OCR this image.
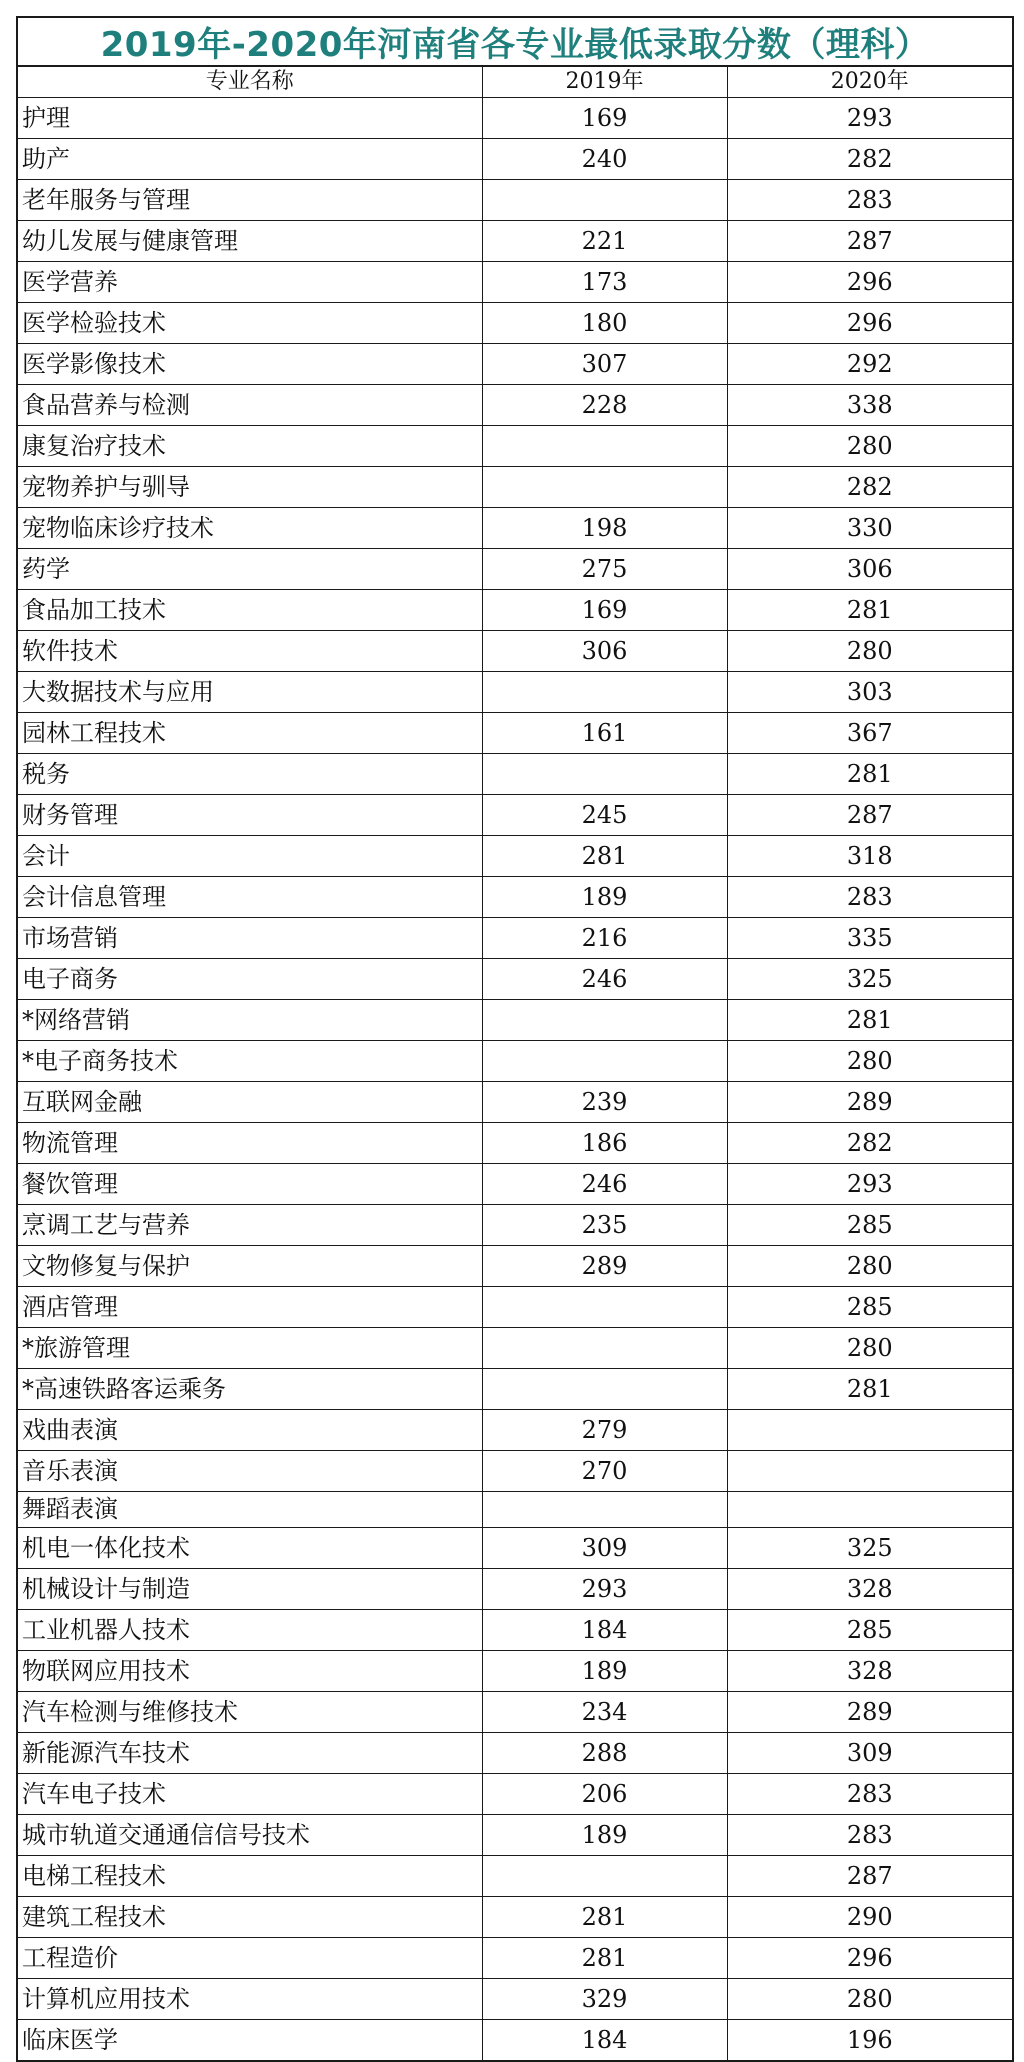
2019年-2020年河南省各专业最低录取分数（理科）
专业名称	2019年	2020年
护理	169	293
助产	240	282
老年服务与管理		283
幼儿发展与健康管理	221	287
医学营养	173	296
医学检验技术	180	296
医学影像技术	307	292
食品营养与检测	228	338
康复治疗技术		280
宠物养护与驯导		282
宠物临床诊疗技术	198	330
药学	275	306
食品加工技术	169	281
软件技术	306	280
大数据技术与应用		303
园林工程技术	161	367
税务		281
财务管理	245	287
会计	281	318
会计信息管理	189	283
市场营销	216	335
电子商务	246	325
*网络营销		281
*电子商务技术		280
互联网金融	239	289
物流管理	186	282
餐饮管理	246	293
烹调工艺与营养	235	285
文物修复与保护	289	280
酒店管理		285
*旅游管理		280
*高速铁路客运乘务		281
戏曲表演	279	
音乐表演	270	
舞蹈表演		
机电一体化技术	309	325
机械设计与制造	293	328
工业机器人技术	184	285
物联网应用技术	189	328
汽车检测与维修技术	234	289
新能源汽车技术	288	309
汽车电子技术	206	283
城市轨道交通通信信号技术	189	283
电梯工程技术		287
建筑工程技术	281	290
工程造价	281	296
计算机应用技术	329	280
临床医学	184	196
